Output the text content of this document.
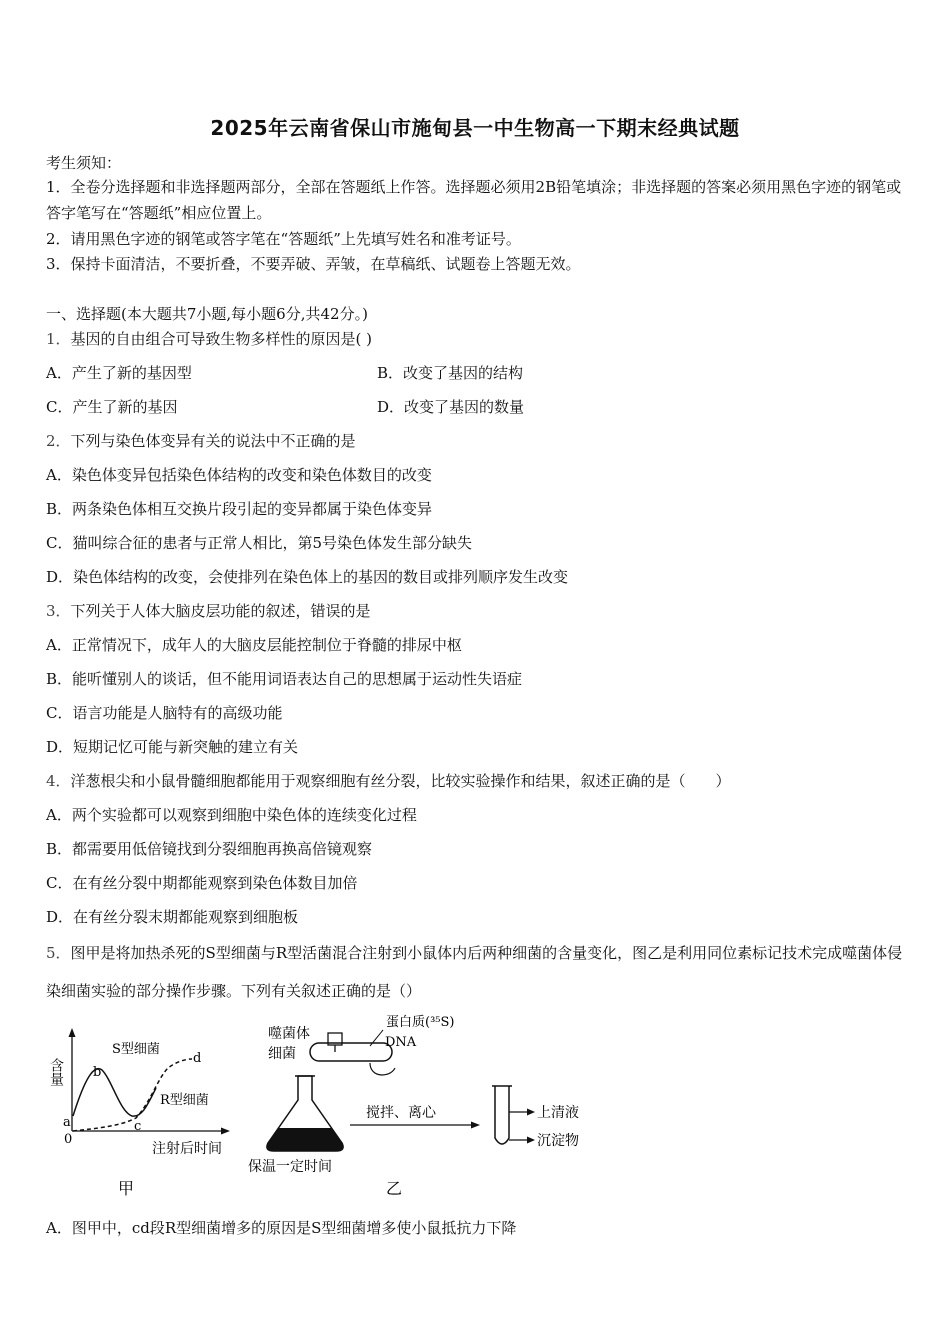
2025年云南省保山市施甸县一中生物高一下期末经典试题
考生须知：
1．全卷分选择题和非选择题两部分，全部在答题纸上作答。选择题必须用2B铅笔填涂；非选择题的答案必须用黑色字迹的钢笔或答字笔写在“答题纸”相应位置上。
2．请用黑色字迹的钢笔或答字笔在“答题纸”上先填写姓名和准考证号。
3．保持卡面清洁，不要折叠，不要弄破、弄皱，在草稿纸、试题卷上答题无效。
一、选择题(本大题共7小题,每小题6分,共42分。)
1．基因的自由组合可导致生物多样性的原因是( )
A．产生了新的基因型	B．改变了基因的结构
C．产生了新的基因	D．改变了基因的数量
2．下列与染色体变异有关的说法中不正确的是
A．染色体变异包括染色体结构的改变和染色体数目的改变
B．两条染色体相互交换片段引起的变异都属于染色体变异
C．猫叫综合征的患者与正常人相比，第5号染色体发生部分缺失
D．染色体结构的改变，会使排列在染色体上的基因的数目或排列顺序发生改变
3．下列关于人体大脑皮层功能的叙述，错误的是
A．正常情况下，成年人的大脑皮层能控制位于脊髓的排尿中枢
B．能听懂别人的谈话，但不能用词语表达自己的思想属于运动性失语症
C．语言功能是人脑特有的高级功能
D．短期记忆可能与新突触的建立有关
4．洋葱根尖和小鼠骨髓细胞都能用于观察细胞有丝分裂，比较实验操作和结果，叙述正确的是（　　）
A．两个实验都可以观察到细胞中染色体的连续变化过程
B．都需要用低倍镜找到分裂细胞再换高倍镜观察
C．在有丝分裂中期都能观察到染色体数目加倍
D．在有丝分裂末期都能观察到细胞板
5．图甲是将加热杀死的S型细菌与R型活菌混合注射到小鼠体内后两种细菌的含量变化，图乙是利用同位素标记技术完成噬菌体侵染细菌实验的部分操作步骤。下列有关叙述正确的是（）
含量
注射后时间
0
a
b
c
d
S型细菌
R型细菌
甲
噬菌体
细菌
蛋白质(³⁵S)
DNA
保温一定时间
搅拌、离心	上清液
沉淀物
乙
A．图甲中，cd段R型细菌增多的原因是S型细菌增多使小鼠抵抗力下降
